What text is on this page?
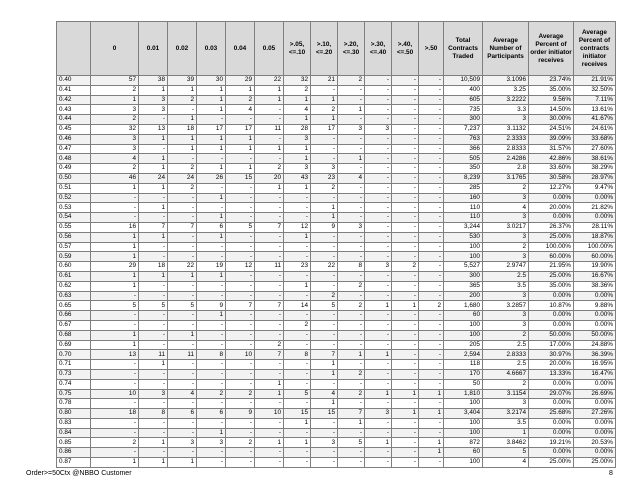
	0	0.01	0.02	0.03	0.04	0.05	>.05, <=.10	>.10, <=.20	>.20, <=.30	>.30, <=.40	>.40, <=.50	>.50	Total Contracts Traded	Average Number of Participants	Average Percent of order initiator receives	Average Percent of contracts initiator receives
0.40	57	38	39	30	29	22	32	21	2	-	-	-	10,509	3.1096	23.74%	21.91%
0.41	2	1	1	1	1	1	2	-	-	-	-	-	400	3.25	35.00%	32.50%
0.42	1	3	2	1	2	1	1	1	-	-	-	-	605	3.2222	9.56%	7.11%
0.43	3	3	-	1	4	-	4	2	1	-	-	-	735	3.3	14.50%	13.61%
0.44	2	-	1	-	-	-	1	1	-	-	-	-	300	3	30.00%	41.67%
0.45	32	13	18	17	17	11	28	17	3	3	-	-	7,237	3.1132	24.51%	24.61%
0.46	3	1	1	1	1	-	3	-	-	-	-	-	763	2.3333	39.09%	33.68%
0.47	3	-	1	1	1	1	1	-	-	-	-	-	366	2.8333	31.57%	27.60%
0.48	4	1	-	-	-	-	1	-	1	-	-	-	505	2.4286	42.86%	38.61%
0.49	2	1	2	1	1	2	3	3	-	-	-	-	350	2.8	33.60%	38.29%
0.50	46	24	24	26	15	20	43	23	4	-	-	-	8,239	3.1765	30.58%	28.97%
0.51	1	1	2	-	-	1	1	2	-	-	-	-	285	2	12.27%	9.47%
0.52	-	-	-	1	-	-	-	-	-	-	-	-	160	3	0.00%	0.00%
0.53	-	1	-	-	-	-	-	1	-	-	-	-	110	4	20.00%	21.82%
0.54	-	-	-	1	-	-	-	1	-	-	-	-	110	3	0.00%	0.00%
0.55	16	7	7	6	5	7	12	9	3	-	-	-	3,244	3.0217	26.37%	28.11%
0.56	1	1	-	1	-	-	1	-	-	-	-	-	530	3	25.00%	18.87%
0.57	1	-	-	-	-	-	-	-	-	-	-	-	100	2	100.00%	100.00%
0.59	1	-	-	-	-	-	-	-	-	-	-	-	100	3	60.00%	60.00%
0.60	29	18	22	19	12	11	23	22	8	3	2	-	5,527	2.9747	21.95%	19.90%
0.61	1	1	1	1	-	-	-	-	-	-	-	-	300	2.5	25.00%	16.67%
0.62	1	-	-	-	-	-	1	-	2	-	-	-	365	3.5	35.00%	38.36%
0.63	-	-	-	-	-	-	-	2	-	-	-	-	200	3	0.00%	0.00%
0.65	5	5	5	9	7	7	14	5	2	1	1	2	1,680	3.2857	10.87%	9.88%
0.66	-	-	-	1	-	-	-	-	-	-	-	-	60	3	0.00%	0.00%
0.67	-	-	-	-	-	-	2	-	-	-	-	-	100	3	0.00%	0.00%
0.68	1	-	1	-	-	-	-	-	-	-	-	-	100	2	50.00%	50.00%
0.69	1	-	-	-	-	2	-	-	-	-	-	-	205	2.5	17.00%	24.88%
0.70	13	11	11	8	10	7	8	7	1	1	-	-	2,594	2.8333	30.97%	36.39%
0.71	-	1	-	-	-	-	-	1	-	-	-	-	118	2.5	20.00%	16.95%
0.73	-	-	-	-	-	-	-	1	2	-	-	-	170	4.6667	13.33%	16.47%
0.74	-	-	-	-	-	1	-	-	-	-	-	-	50	2	0.00%	0.00%
0.75	10	3	4	2	2	1	5	4	2	1	1	1	1,810	3.1154	29.07%	26.69%
0.78	-	-	-	-	-	-	-	1	-	-	-	-	100	3	0.00%	0.00%
0.80	18	8	6	6	9	10	15	15	7	3	1	1	3,404	3.2174	25.68%	27.26%
0.83	-	-	-	-	-	-	1	-	1	-	-	-	100	3.5	0.00%	0.00%
0.84	-	-	-	1	-	-	-	-	-	-	-	-	100	1	0.00%	0.00%
0.85	2	1	3	3	2	1	1	3	5	1	-	1	872	3.8462	19.21%	20.53%
0.86	-	-	-	-	-	-	-	-	-	-	-	1	60	5	0.00%	0.00%
0.87	1	1	1	-	-	-	-	-	-	-	-	-	100	4	25.00%	25.00%
Order>=50Ctx @NBBO Customer	8
